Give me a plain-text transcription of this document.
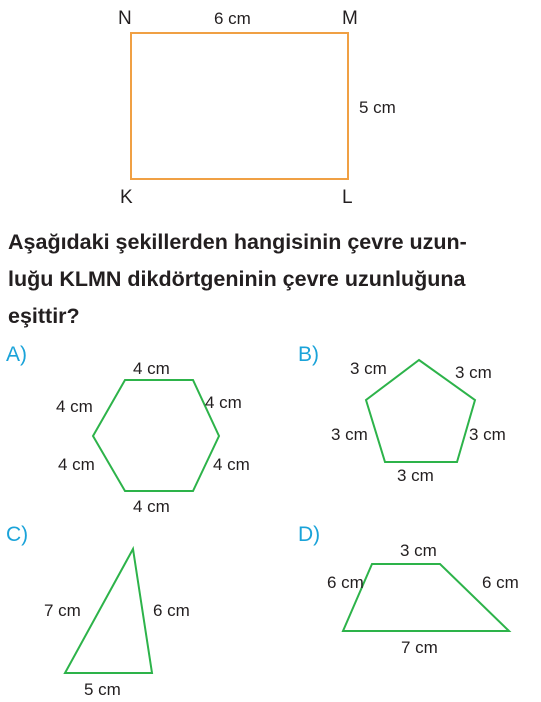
N	M
K	L
6 cm
5 cm
A)
4 cm
4 cm
4 cm
4 cm
4 cm
4 cm
B)
3 cm	3 cm
3 cm
3 cm
3 cm
C)
7 cm	6 cm
5 cm
D)
3 cm
6 cm	6 cm
7 cm

Aşağıdaki şekillerden hangisinin çevre uzun-
luğu KLMN dikdörtgeninin çevre uzunluğuna
eşittir?
